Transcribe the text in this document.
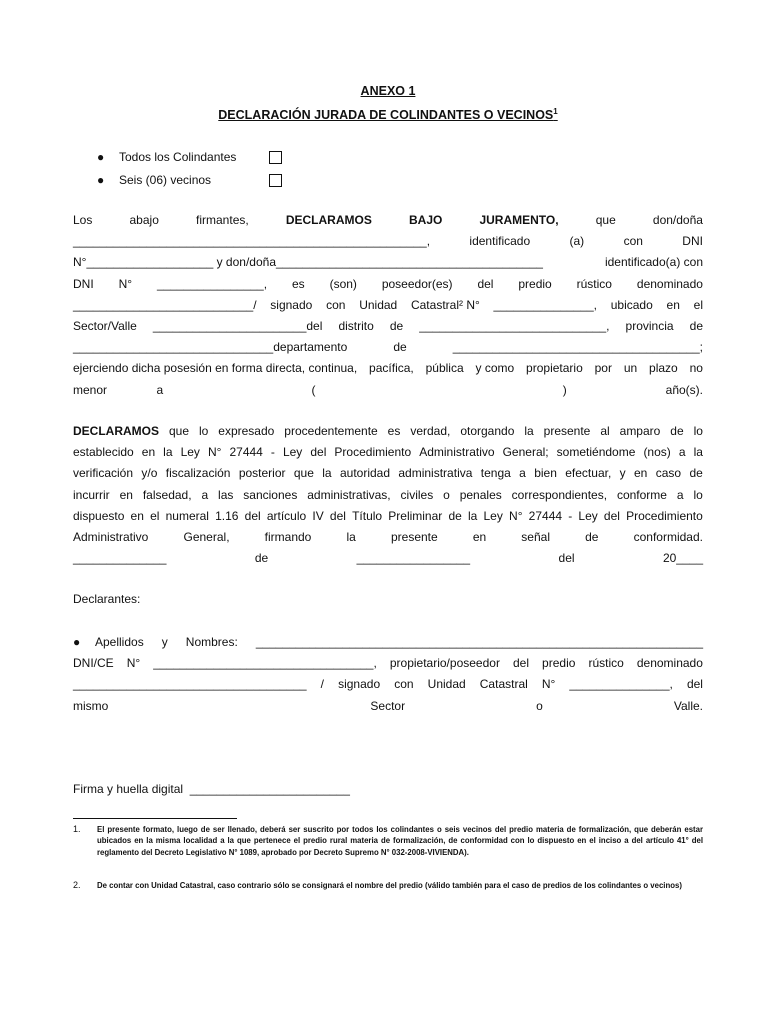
ANEXO 1
DECLARACIÓN JURADA DE COLINDANTES O VECINOS$^1$
● Todos los Colindantes
● Seis (06) vecinos
Los	abajo	firmantes,	DECLARAMOS	BAJO	JURAMENTO,	que	don/doña
_____________________________________________________,	identificado	(a)	con	DNI
N°___________________ y don/doña________________________________________	identificado(a) con
DNI N° ________________, es (son) poseedor(es) del predio rústico denominado
___________________________/ signado con Unidad Catastral² N° _______________, ubicado en el
Sector/Valle _______________________del distrito de ____________________________, provincia de
______________________________departamento	de	_____________________________________;
ejerciendo dicha posesión en forma directa, continua, pacífica, pública y como propietario por un plazo no
menor a   (     )  año(s).
DECLARAMOS que lo expresado procedentemente es verdad, otorgando la presente al amparo de lo
establecido en la Ley N° 27444 - Ley del Procedimiento Administrativo General; sometiéndome (nos) a la
verificación y/o fiscalización posterior que la autoridad administrativa tenga a bien efectuar, y en caso de
incurrir en falsedad, a las sanciones administrativas, civiles o penales correspondientes, conforme a lo
dispuesto en el numeral 1.16 del artículo IV del Título Preliminar de la Ley N° 27444 - Ley del Procedimiento
Administrativo General, firmando la presente en señal de conformidad.
______________  de  _________________  del  20____
Declarantes:
● Apellidos y Nombres: ___________________________________________________________________
DNI/CE N° _________________________________, propietario/poseedor del predio rústico denominado
___________________________________ / signado con Unidad Catastral N° _______________, del
mismo  Sector o Valle.
Firma y huella digital  ________________________
1. El presente formato, luego de ser llenado, deberá ser suscrito por todos los colindantes o seis vecinos del predio materia de formalización, que deberán estar ubicados en la misma localidad a la que pertenece el predio rural materia de formalización, de conformidad con lo dispuesto en el inciso a del artículo 41° del reglamento del Decreto Legislativo N° 1089, aprobado por Decreto Supremo N° 032-2008-VIVIENDA).
2. De contar con Unidad Catastral, caso contrario sólo se consignará el nombre del predio (válido también para el caso de predios de los colindantes o vecinos)
